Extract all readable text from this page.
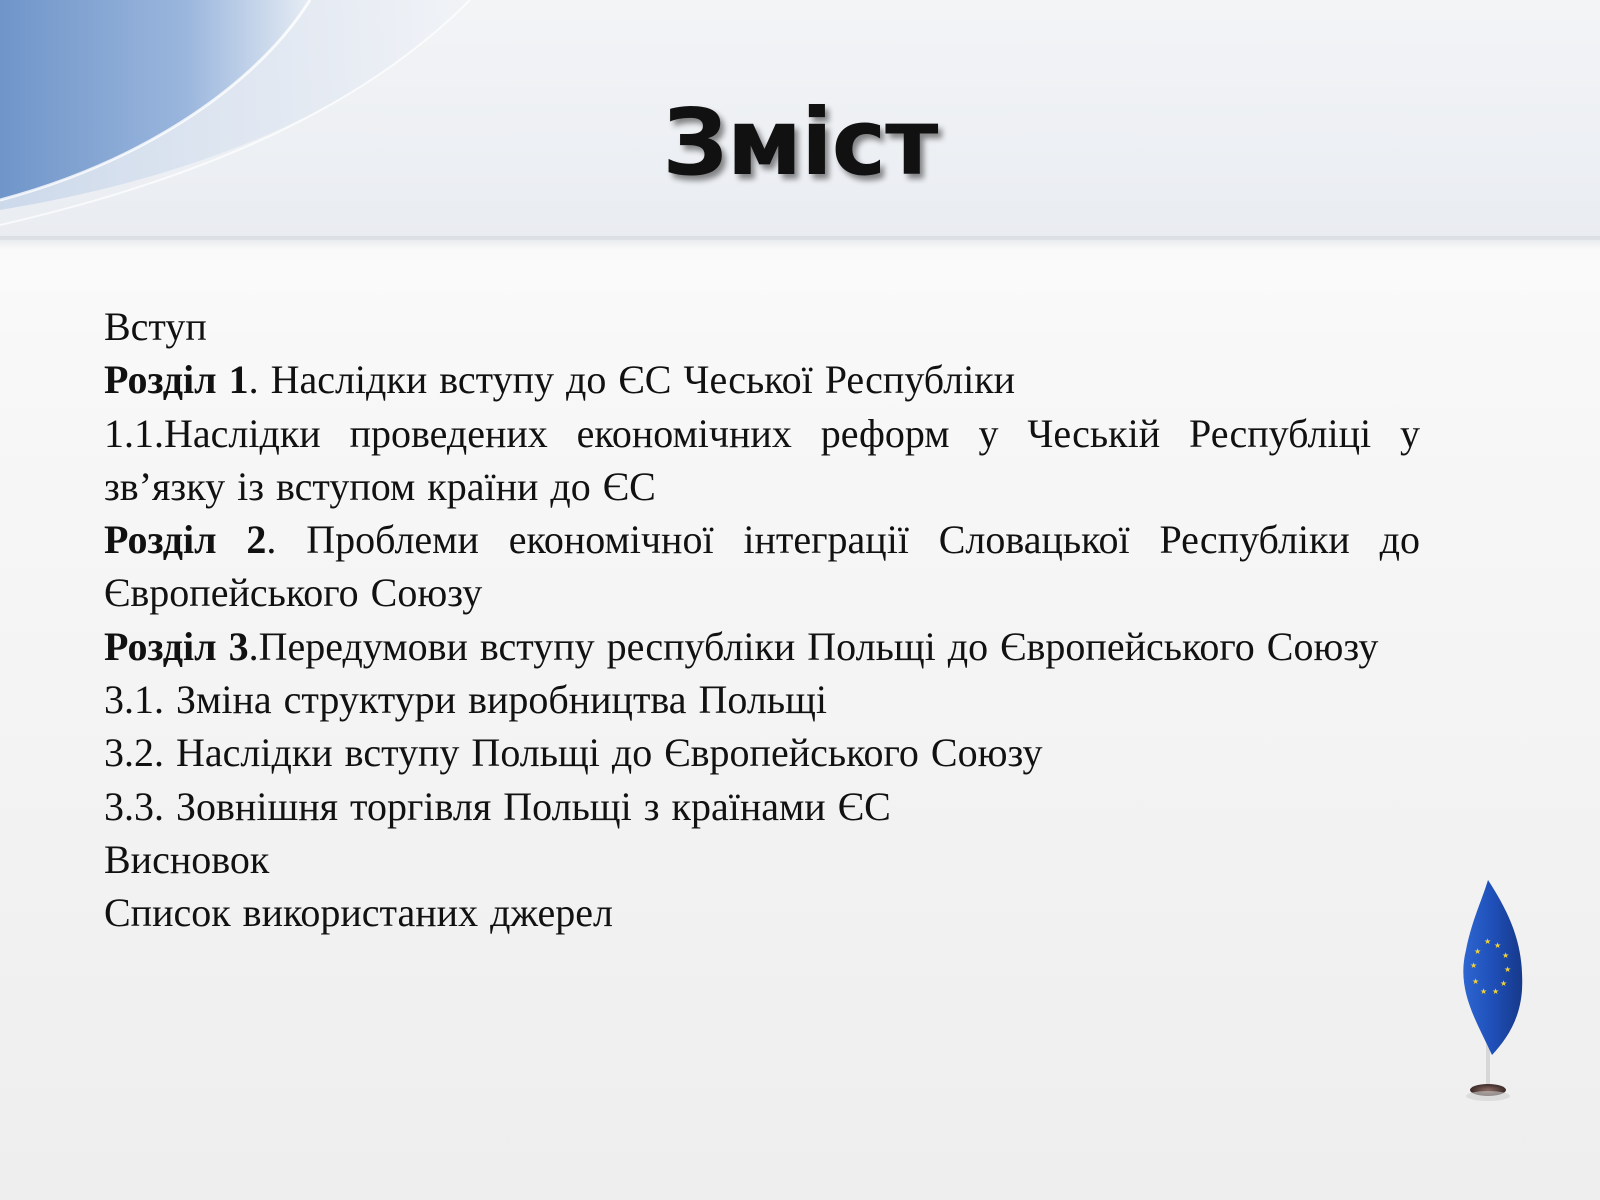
Зміст
Вступ
Розділ 1. Наслідки вступу до ЄС Чеської Республіки
1.1.Наслідки проведених економічних реформ у Чеській Республіці у зв’язку із вступом країни до ЄС
Розділ 2. Проблеми економічної інтеграції Словацької Республіки до Європейського Союзу
Розділ 3.Передумови вступу республіки Польщі до Європейського Союзу
3.1. Зміна структури виробництва Польщі
3.2. Наслідки вступу Польщі до Європейського Союзу
3.3. Зовнішня торгівля Польщі з країнами ЄС
Висновок
Список використаних джерел
★ ★
★
★
★
★
★
★
★
★
